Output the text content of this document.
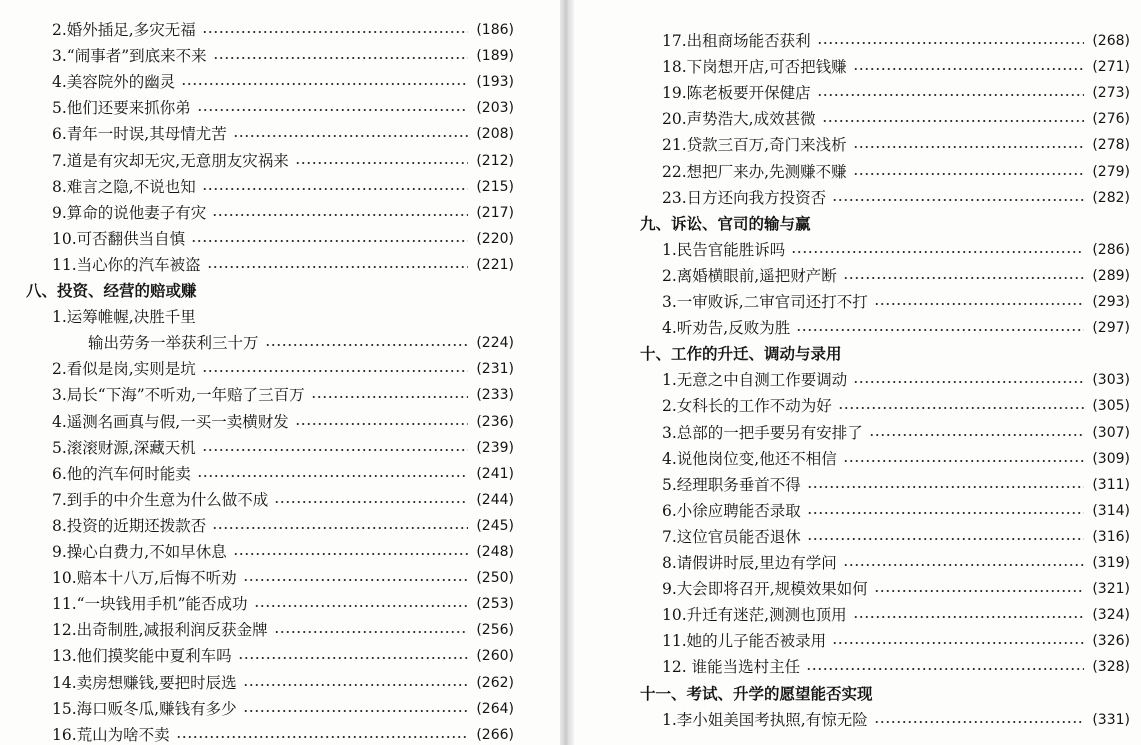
2.婚外插足,多灾无福	(186)
3.“闹事者”到底来不来	(189)
4.美容院外的幽灵	(193)
5.他们还要来抓你弟	(203)
6.青年一时误,其母情尤苦	(208)
7.道是有灾却无灾,无意朋友灾祸来	(212)
8.难言之隐,不说也知	(215)
9.算命的说他妻子有灾	(217)
10.可否翻供当自慎	(220)
11.当心你的汽车被盗	(221)
八、投资、经营的赔或赚
1.运筹帷幄,决胜千里
输出劳务一举获利三十万	(224)
2.看似是岗,实则是坑	(231)
3.局长“下海”不听劝,一年赔了三百万	(233)
4.遥测名画真与假,一买一卖横财发	(236)
5.滚滚财源,深藏天机	(239)
6.他的汽车何时能卖	(241)
7.到手的中介生意为什么做不成	(244)
8.投资的近期还拨款否	(245)
9.操心白费力,不如早休息	(248)
10.赔本十八万,后悔不听劝	(250)
11.“一块钱用手机”能否成功	(253)
12.出奇制胜,减报利润反获金牌	(256)
13.他们摸奖能中夏利车吗	(260)
14.卖房想赚钱,要把时辰选	(262)
15.海口贩冬瓜,赚钱有多少	(264)
16.荒山为啥不卖	(266)
17.出租商场能否获利	(268)
18.下岗想开店,可否把钱赚	(271)
19.陈老板要开保健店	(273)
20.声势浩大,成效甚微	(276)
21.贷款三百万,奇门来浅析	(278)
22.想把厂来办,先测赚不赚	(279)
23.日方还向我方投资否	(282)
九、诉讼、官司的输与赢
1.民告官能胜诉吗	(286)
2.离婚横眼前,遥把财产断	(289)
3.一审败诉,二审官司还打不打	(293)
4.听劝告,反败为胜	(297)
十、工作的升迁、调动与录用
1.无意之中自测工作要调动	(303)
2.女科长的工作不动为好	(305)
3.总部的一把手要另有安排了	(307)
4.说他岗位变,他还不相信	(309)
5.经理职务垂首不得	(311)
6.小徐应聘能否录取	(314)
7.这位官员能否退休	(316)
8.请假讲时辰,里边有学问	(319)
9.大会即将召开,规模效果如何	(321)
10.升迁有迷茫,测测也顶用	(324)
11.她的儿子能否被录用	(326)
12. 谁能当选村主任	(328)
十一、考试、升学的愿望能否实现
1.李小姐美国考执照,有惊无险	(331)
